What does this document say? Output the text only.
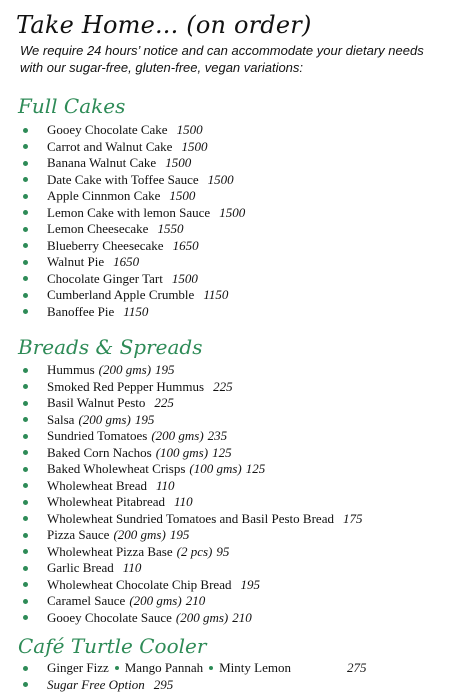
Take Home... (on order)
We require 24 hours’ notice and can accommodate your dietary needs with our sugar-free, gluten-free, vegan variations:
Full Cakes
Gooey Chocolate Cake 1500
Carrot and Walnut Cake 1500
Banana Walnut Cake 1500
Date Cake with Toffee Sauce 1500
Apple Cinnmon Cake 1500
Lemon Cake with lemon Sauce 1500
Lemon Cheesecake 1550
Blueberry Cheesecake 1650
Walnut Pie 1650
Chocolate Ginger Tart 1500
Cumberland Apple Crumble 1150
Banoffee Pie 1150
Breads & Spreads
Hummus (200 gms) 195
Smoked Red Pepper Hummus 225
Basil Walnut Pesto 225
Salsa (200 gms) 195
Sundried Tomatoes (200 gms) 235
Baked Corn Nachos (100 gms) 125
Baked Wholewheat Crisps (100 gms) 125
Wholewheat Bread 110
Wholewheat Pitabread 110
Wholewheat Sundried Tomatoes and Basil Pesto Bread 175
Pizza Sauce (200 gms) 195
Wholewheat Pizza Base (2 pcs) 95
Garlic Bread 110
Wholewheat Chocolate Chip Bread 195
Caramel Sauce (200 gms) 210
Gooey Chocolate Sauce (200 gms) 210
Café Turtle Cooler
Ginger Fizz Mango Pannah Minty Lemon	275
Sugar Free Option 295
